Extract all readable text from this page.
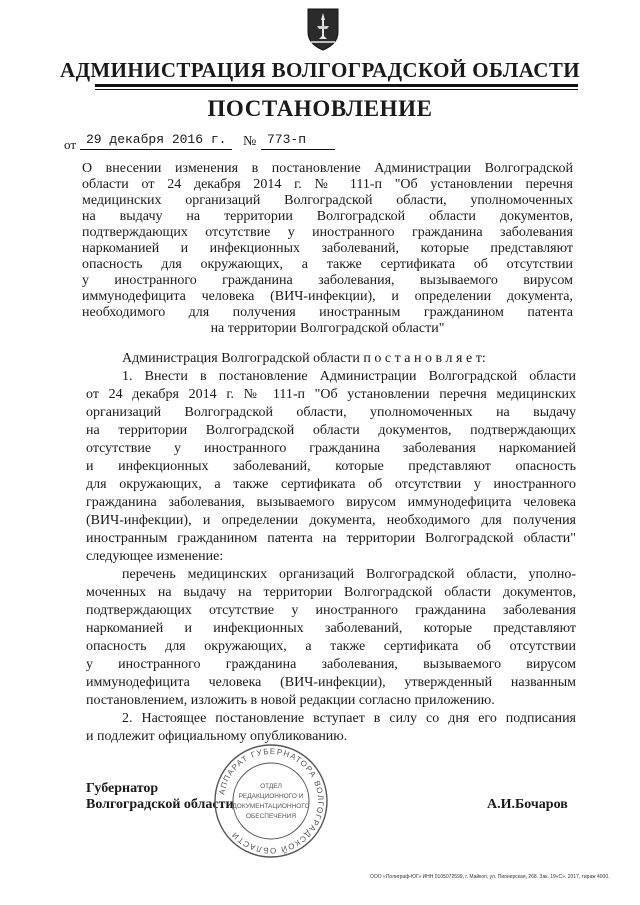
АДМИНИСТРАЦИЯ ВОЛГОГРАДСКОЙ ОБЛАСТИ
ПОСТАНОВЛЕНИЕ
от 29 декабря 2016 г.	№ 773-п
О внесении изменения в постановление Администрации Волгоградской
области от 24 декабря 2014 г. № 111-п "Об установлении перечня
медицинских организаций Волгоградской области, уполномоченных
на выдачу на территории Волгоградской области документов,
подтверждающих отсутствие у иностранного гражданина заболевания
наркоманией и инфекционных заболеваний, которые представляют
опасность для окружающих, а также сертификата об отсутствии
у иностранного гражданина заболевания, вызываемого вирусом
иммунодефицита человека (ВИЧ-инфекции), и определении документа,
необходимого для получения иностранным гражданином патента
на территории Волгоградской области"
Администрация Волгоградской области п о с т а н о в л я е т:
1. Внести в постановление Администрации Волгоградской области
от 24 декабря 2014 г. № 111-п "Об установлении перечня медицинских
организаций Волгоградской области, уполномоченных на выдачу
на территории Волгоградской области документов, подтверждающих
отсутствие у иностранного гражданина заболевания наркоманией
и инфекционных заболеваний, которые представляют опасность
для окружающих, а также сертификата об отсутствии у иностранного
гражданина заболевания, вызываемого вирусом иммунодефицита человека
(ВИЧ-инфекции), и определении документа, необходимого для получения
иностранным гражданином патента на территории Волгоградской области"
следующее изменение:
перечень медицинских организаций Волгоградской области, уполно-
моченных на выдачу на территории Волгоградской области документов,
подтверждающих отсутствие у иностранного гражданина заболевания
наркоманией и инфекционных заболеваний, которые представляют
опасность для окружающих, а также сертификата об отсутствии
у иностранного гражданина заболевания, вызываемого вирусом
иммунодефицита человека (ВИЧ-инфекции), утвержденный названным
постановлением, изложить в новой редакции согласно приложению.
2. Настоящее постановление вступает в силу со дня его подписания
и подлежит официальному опубликованию.
Губернатор
Волгоградской области	А.И.Бочаров
АППАРАТ ГУБЕРНАТОРА ВОЛГОГРАДСКОЙ ОБЛАСТИ
ОТДЕЛ
РЕДАКЦИОННОГО И
ДОКУМЕНТАЦИОННОГО
ОБЕСПЕЧЕНИЯ
ООО «Полиграф-ЮГ» ИНН 0105072599, г. Майкоп, ул. Пионерская, 268. Зак. 19«С». 2017, тираж 4000.
